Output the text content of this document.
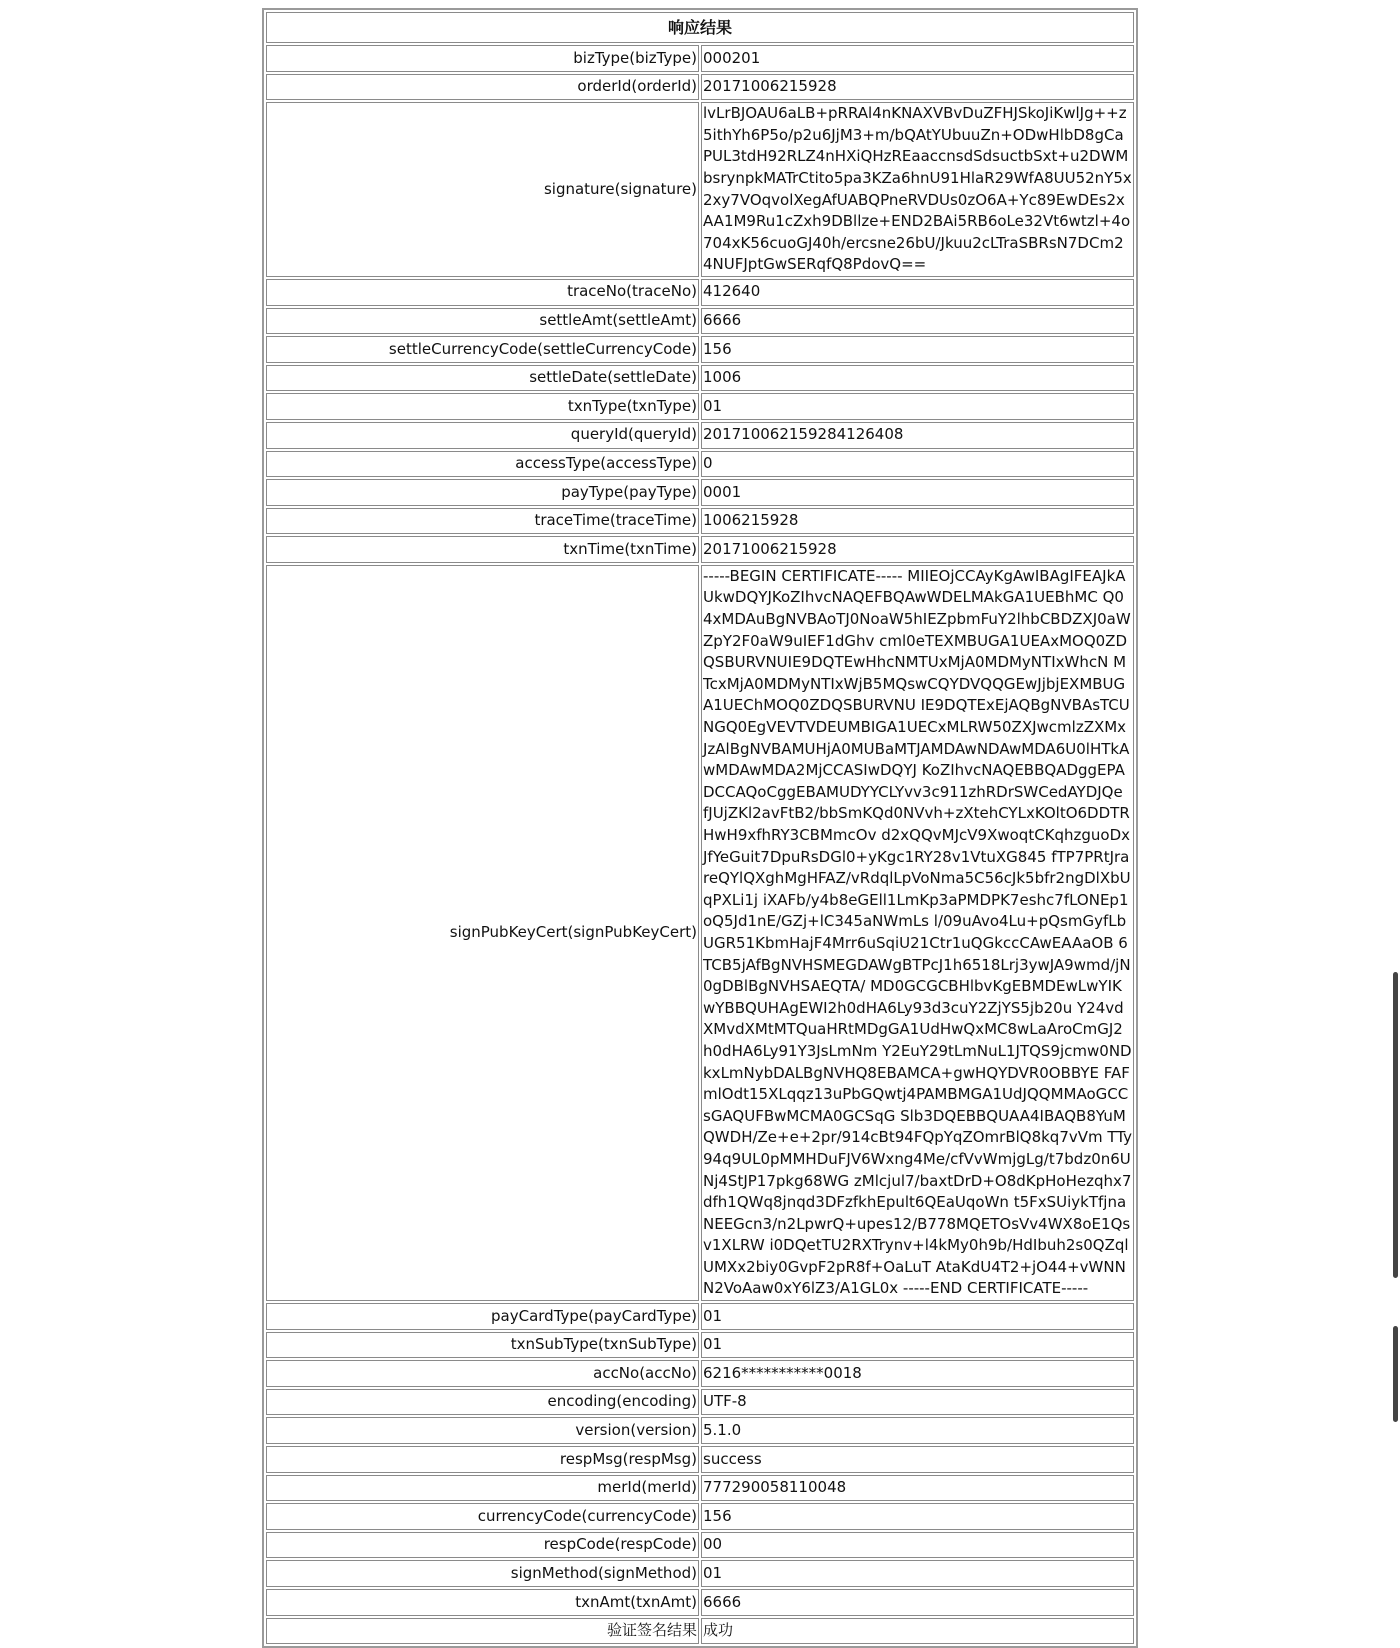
响应结果	
bizType(bizType)	000201
orderId(orderId)	20171006215928
signature(signature)	lvLrBJOAU6aLB+pRRAl4nKNAXVBvDuZFHJSkoJiKwlJg++z5ithYh6P5o/p2u6JjM3+m/bQAtYUbuuZn+ODwHlbD8gCaPUL3tdH92RLZ4nHXiQHzREaaccnsdSdsuctbSxt+u2DWMbsrynpkMATrCtito5pa3KZa6hnU91HlaR29WfA8UU52nY5x2xy7VOqvolXegAfUABQPneRVDUs0zO6A+Yc89EwDEs2xAA1M9Ru1cZxh9DBllze+END2BAi5RB6oLe32Vt6wtzl+4o704xK56cuoGJ40h/ercsne26bU/Jkuu2cLTraSBRsN7DCm24NUFJptGwSERqfQ8PdovQ==
traceNo(traceNo)	412640
settleAmt(settleAmt)	6666
settleCurrencyCode(settleCurrencyCode)	156
settleDate(settleDate)	1006
txnType(txnType)	01
queryId(queryId)	201710062159284126408
accessType(accessType)	0
payType(payType)	0001
traceTime(traceTime)	1006215928
txnTime(txnTime)	20171006215928
signPubKeyCert(signPubKeyCert)	-----BEGIN CERTIFICATE----- MIIEOjCCAyKgAwIBAgIFEAJkAUkwDQYJKoZIhvcNAQEFBQAwWDELMAkGA1UEBhMC Q04xMDAuBgNVBAoTJ0NoaW5hIEZpbmFuY2lhbCBDZXJ0aWZpY2F0aW9uIEF1dGhv cml0eTEXMBUGA1UEAxMOQ0ZDQSBURVNUIE9DQTEwHhcNMTUxMjA0MDMyNTIxWhcN MTcxMjA0MDMyNTIxWjB5MQswCQYDVQQGEwJjbjEXMBUGA1UEChMOQ0ZDQSBURVNU IE9DQTExEjAQBgNVBAsTCUNGQ0EgVEVTVDEUMBIGA1UECxMLRW50ZXJwcmlzZXMx JzAlBgNVBAMUHjA0MUBaMTJAMDAwNDAwMDA6U0lHTkAwMDAwMDA2MjCCASIwDQYJ KoZIhvcNAQEBBQADggEPADCCAQoCggEBAMUDYYCLYvv3c911zhRDrSWCedAYDJQe fJUjZKl2avFtB2/bbSmKQd0NVvh+zXtehCYLxKOltO6DDTRHwH9xfhRY3CBMmcOv d2xQQvMJcV9XwoqtCKqhzguoDxJfYeGuit7DpuRsDGl0+yKgc1RY28v1VtuXG845 fTP7PRtJrareQYlQXghMgHFAZ/vRdqlLpVoNma5C56cJk5bfr2ngDlXbUqPXLi1j iXAFb/y4b8eGEll1LmKp3aPMDPK7eshc7fLONEp1oQ5Jd1nE/GZj+lC345aNWmLs l/09uAvo4Lu+pQsmGyfLbUGR51KbmHajF4Mrr6uSqiU21Ctr1uQGkccCAwEAAaOB 6TCB5jAfBgNVHSMEGDAWgBTPcJ1h6518Lrj3ywJA9wmd/jN0gDBlBgNVHSAEQTA/ MD0GCGCBHlbvKgEBMDEwLwYIKwYBBQUHAgEWI2h0dHA6Ly93d3cuY2ZjYS5jb20u Y24vdXMvdXMtMTQuaHRtMDgGA1UdHwQxMC8wLaAroCmGJ2h0dHA6Ly91Y3JsLmNm Y2EuY29tLmNuL1JTQS9jcmw0NDkxLmNybDALBgNVHQ8EBAMCA+gwHQYDVR0OBBYE FAFmlOdt15XLqqz13uPbGQwtj4PAMBMGA1UdJQQMMAoGCCsGAQUFBwMCMA0GCSqG Slb3DQEBBQUAA4IBAQB8YuMQWDH/Ze+e+2pr/914cBt94FQpYqZOmrBlQ8kq7vVm TTy94q9UL0pMMHDuFJV6Wxng4Me/cfVvWmjgLg/t7bdz0n6UNj4StJP17pkg68WG zMlcjul7/baxtDrD+O8dKpHoHezqhx7dfh1QWq8jnqd3DFzfkhEpult6QEaUqoWn t5FxSUiykTfjnaNEEGcn3/n2LpwrQ+upes12/B778MQETOsVv4WX8oE1Qsv1XLRW i0DQetTU2RXTrynv+l4kMy0h9b/HdIbuh2s0QZqlUMXx2biy0GvpF2pR8f+OaLuT AtaKdU4T2+jO44+vWNNN2VoAaw0xY6lZ3/A1GL0x -----END CERTIFICATE-----
payCardType(payCardType)	01
txnSubType(txnSubType)	01
accNo(accNo)	6216***********0018
encoding(encoding)	UTF-8
version(version)	5.1.0
respMsg(respMsg)	success
merId(merId)	777290058110048
currencyCode(currencyCode)	156
respCode(respCode)	00
signMethod(signMethod)	01
txnAmt(txnAmt)	6666
验证签名结果	成功
